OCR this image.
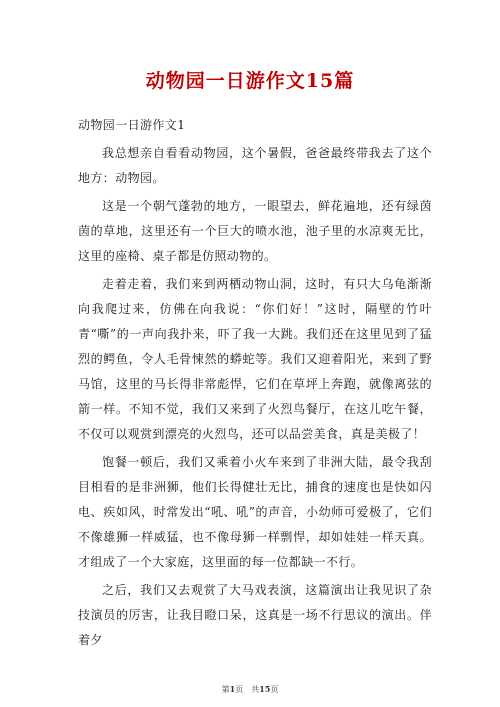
动物园一日游作文15篇

动物园一日游作文1

我总想亲自看看动物园，这个暑假，爸爸最终带我去了这个地方：动物园。

这是一个朝气蓬勃的地方，一眼望去，鲜花遍地，还有绿茵茵的草地，这里还有一个巨大的喷水池，池子里的水凉爽无比，这里的座椅、桌子都是仿照动物的。

走着走着，我们来到两栖动物山洞，这时，有只大乌龟渐渐向我爬过来，仿佛在向我说：“你们好！”这时，隔壁的竹叶青“嘶”的一声向我扑来，吓了我一大跳。我们还在这里见到了猛烈的鳄鱼，令人毛骨悚然的蟒蛇等。我们又迎着阳光，来到了野马馆，这里的马长得非常彪悍，它们在草坪上奔跑，就像离弦的箭一样。不知不觉，我们又来到了火烈鸟餐厅，在这儿吃午餐，不仅可以观赏到漂亮的火烈鸟，还可以品尝美食，真是美极了！

饱餐一顿后，我们又乘着小火车来到了非洲大陆，最令我刮目相看的是非洲狮，他们长得健壮无比，捕食的速度也是快如闪电、疾如风，时常发出“吼、吼”的声音，小幼师可爱极了，它们不像雄狮一样威猛，也不像母狮一样剽悍，却如娃娃一样天真。才组成了一个大家庭，这里面的每一位都缺一不行。

之后，我们又去观赏了大马戏表演，这篇演出让我见识了杂技演员的厉害，让我目瞪口呆，这真是一场不行思议的演出。伴着夕

第1页　共15页
